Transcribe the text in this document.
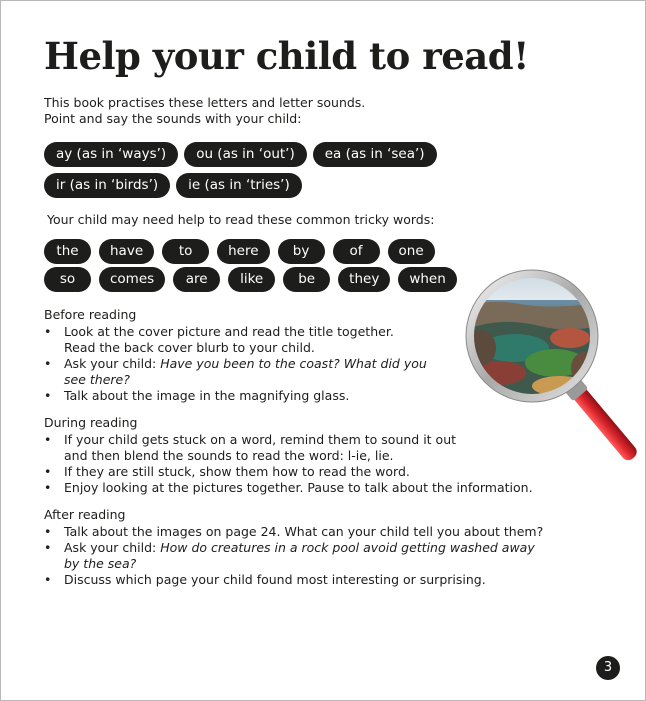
Help your child to read!
This book practises these letters and letter sounds.
Point and say the sounds with your child:
ay (as in ‘ways’)	ou (as in ‘out’)	ea (as in ‘sea’)
ir (as in ‘birds’)	ie (as in ‘tries’)
Your child may need help to read these common tricky words:
the	have	to	here	by	of	one
so	comes	are	like	be	they	when
Before reading
• Look at the cover picture and read the title together.
Read the back cover blurb to your child.
• Ask your child: Have you been to the coast? What did you
see there?
• Talk about the image in the magnifying glass.
During reading
• If your child gets stuck on a word, remind them to sound it out
and then blend the sounds to read the word: l-ie, lie.
• If they are still stuck, show them how to read the word.
• Enjoy looking at the pictures together. Pause to talk about the information.
After reading
• Talk about the images on page 24. What can your child tell you about them?
• Ask your child: How do creatures in a rock pool avoid getting washed away
by the sea?
• Discuss which page your child found most interesting or surprising.
3
